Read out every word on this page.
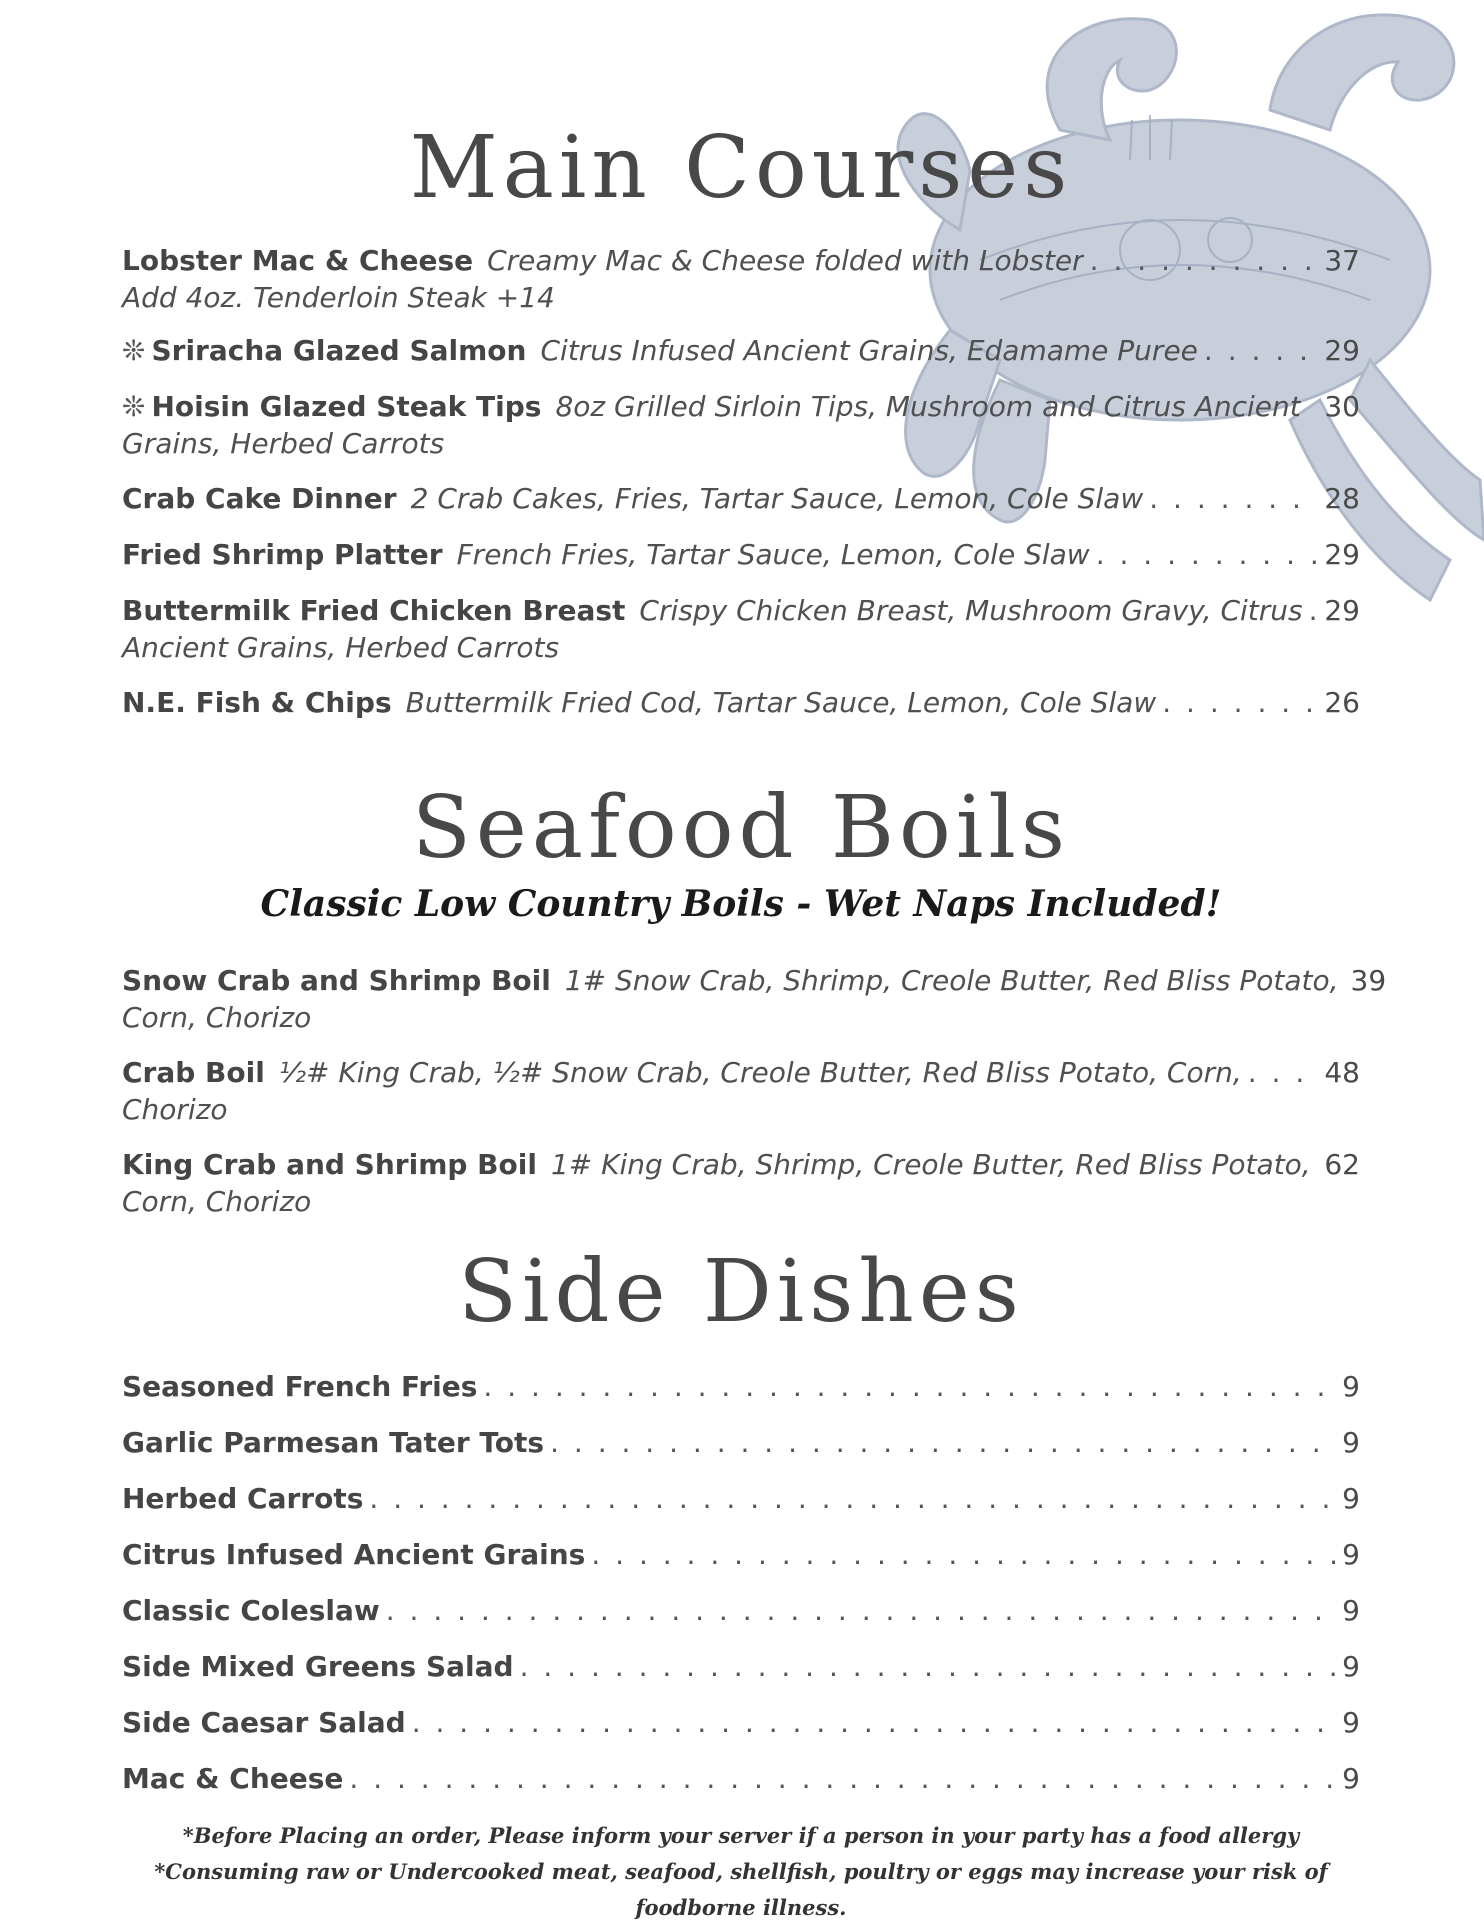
Main Courses
Lobster Mac & Cheese Creamy Mac & Cheese folded with Lobster . . .	37
Add 4oz. Tenderloin Steak +14
❊ Sriracha Glazed Salmon Citrus Infused Ancient Grains, Edamame Puree . . .	29
❊ Hoisin Glazed Steak Tips 8oz Grilled Sirloin Tips, Mushroom and Citrus Ancient 30
Grains, Herbed Carrots
Crab Cake Dinner 2 Crab Cakes, Fries, Tartar Sauce, Lemon, Cole Slaw . . .	28
Fried Shrimp Platter French Fries, Tartar Sauce, Lemon, Cole Slaw . . .	29
Buttermilk Fried Chicken Breast Crispy Chicken Breast, Mushroom Gravy, Citrus . . . 29
Ancient Grains, Herbed Carrots
N.E. Fish & Chips Buttermilk Fried Cod, Tartar Sauce, Lemon, Cole Slaw . . .	26
Seafood Boils
Classic Low Country Boils - Wet Naps Included!
Snow Crab and Shrimp Boil 1# Snow Crab, Shrimp, Creole Butter, Red Bliss Potato, 39
Corn, Chorizo
Crab Boil ½# King Crab, ½# Snow Crab, Creole Butter, Red Bliss Potato, Corn, . . .	48
Chorizo
King Crab and Shrimp Boil 1# King Crab, Shrimp, Creole Butter, Red Bliss Potato, . . . 62
Corn, Chorizo
Side Dishes
Seasoned French Fries . . .	9
Garlic Parmesan Tater Tots . . .	9
Herbed Carrots . . .	9
Citrus Infused Ancient Grains . . .	9
Classic Coleslaw . . .	9
Side Mixed Greens Salad . . .	9
Side Caesar Salad . . .	9
Mac & Cheese . . .	9
*Before Placing an order, Please inform your server if a person in your party has a food allergy
*Consuming raw or Undercooked meat, seafood, shellfish, poultry or eggs may increase your risk of foodborne illness.
